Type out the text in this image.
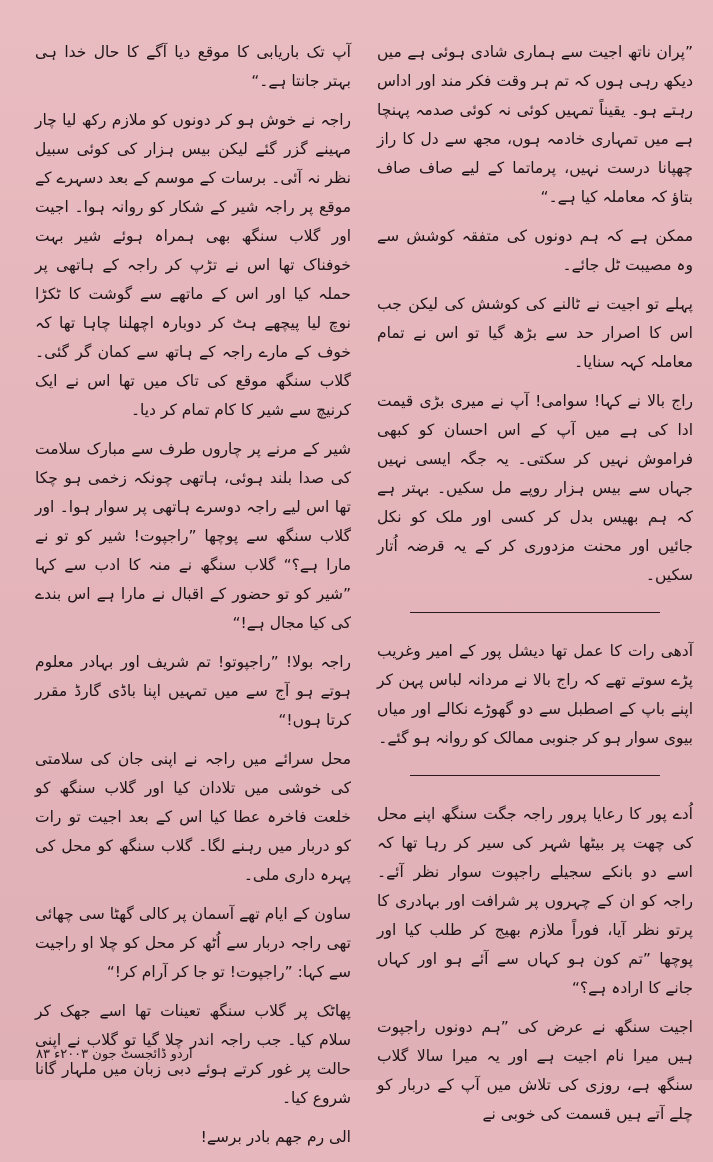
”پران ناتھ اجیت سے ہماری شادی ہوئی ہے میں دیکھ رہی ہوں کہ تم ہر وقت فکر مند اور اداس رہتے ہو۔ یقیناً تمہیں کوئی نہ کوئی صدمہ پہنچا ہے میں تمہاری خادمہ ہوں، مجھ سے دل کا راز چھپانا درست نہیں، پرماتما کے لیے صاف صاف بتاؤ کہ معاملہ کیا ہے۔“

ممکن ہے کہ ہم دونوں کی متفقہ کوشش سے وہ مصیبت ٹل جائے۔

پہلے تو اجیت نے ٹالنے کی کوشش کی لیکن جب اس کا اصرار حد سے بڑھ گیا تو اس نے تمام معاملہ کہہ سنایا۔

راج بالا نے کہا! سوامی! آپ نے میری بڑی قیمت ادا کی ہے میں آپ کے اس احسان کو کبھی فراموش نہیں کر سکتی۔ یہ جگہ ایسی نہیں جہاں سے بیس ہزار روپے مل سکیں۔ بہتر ہے کہ ہم بھیس بدل کر کسی اور ملک کو نکل جائیں اور محنت مزدوری کر کے یہ قرضہ اُتار سکیں۔

آدھی رات کا عمل تھا دیشل پور کے امیر وغریب پڑے سوتے تھے کہ راج بالا نے مردانہ لباس پہن کر اپنے باپ کے اصطبل سے دو گھوڑے نکالے اور میاں بیوی سوار ہو کر جنوبی ممالک کو روانہ ہو گئے۔

اُدے پور کا رعایا پرور راجہ جگت سنگھ اپنے محل کی چھت پر بیٹھا شہر کی سیر کر رہا تھا کہ اسے دو بانکے سجیلے راجپوت سوار نظر آئے۔ راجہ کو ان کے چہروں پر شرافت اور بہادری کا پرتو نظر آیا، فوراً ملازم بھیج کر طلب کیا اور پوچھا ”تم کون ہو کہاں سے آئے ہو اور کہاں جانے کا ارادہ ہے؟“

اجیت سنگھ نے عرض کی ”ہم دونوں راجپوت ہیں میرا نام اجیت ہے اور یہ میرا سالا گلاب سنگھ ہے، روزی کی تلاش میں آپ کے دربار کو چلے آتے ہیں قسمت کی خوبی نے

آپ تک باریابی کا موقع دیا آگے کا حال خدا ہی بہتر جانتا ہے۔“

راجہ نے خوش ہو کر دونوں کو ملازم رکھ لیا چار مہینے گزر گئے لیکن بیس ہزار کی کوئی سبیل نظر نہ آئی۔ برسات کے موسم کے بعد دسہرے کے موقع پر راجہ شیر کے شکار کو روانہ ہوا۔ اجیت اور گلاب سنگھ بھی ہمراہ ہوئے شیر بہت خوفناک تھا اس نے تڑپ کر راجہ کے ہاتھی پر حملہ کیا اور اس کے ماتھے سے گوشت کا ٹکڑا نوچ لیا پیچھے ہٹ کر دوبارہ اچھلنا چاہا تھا کہ خوف کے مارے راجہ کے ہاتھ سے کمان گر گئی۔ گلاب سنگھ موقع کی تاک میں تھا اس نے ایک کرنیچ سے شیر کا کام تمام کر دیا۔

شیر کے مرنے پر چاروں طرف سے مبارک سلامت کی صدا بلند ہوئی، ہاتھی چونکہ زخمی ہو چکا تھا اس لیے راجہ دوسرے ہاتھی پر سوار ہوا۔ اور گلاب سنگھ سے پوچھا ”راجپوت! شیر کو تو نے مارا ہے؟“ گلاب سنگھ نے منہ کا ادب سے کہا ”شیر کو تو حضور کے اقبال نے مارا ہے اس بندے کی کیا مجال ہے!“

راجہ بولا! ”راجپوتو! تم شریف اور بہادر معلوم ہوتے ہو آج سے میں تمہیں اپنا باڈی گارڈ مقرر کرتا ہوں!“

محل سرائے میں راجہ نے اپنی جان کی سلامتی کی خوشی میں تلادان کیا اور گلاب سنگھ کو خلعت فاخرہ عطا کیا اس کے بعد اجیت تو رات کو دربار میں رہنے لگا۔ گلاب سنگھ کو محل کی پہرہ داری ملی۔

ساون کے ایام تھے آسمان پر کالی گھٹا سی چھائی تھی راجہ دربار سے اُٹھ کر محل کو چلا او راجیت سے کہا: ”راجپوت! تو جا کر آرام کر!“

پھاٹک پر گلاب سنگھ تعینات تھا اسے جھک کر سلام کیا۔ جب راجہ اندر چلا گیا تو گلاب نے اپنی حالت پر غور کرتے ہوئے دبی زبان میں ملہار گانا شروع کیا۔

الی رم جھم بادر برسے!

اردو ڈائجسٹ جون ۲۰۰۳ء ۸۳
